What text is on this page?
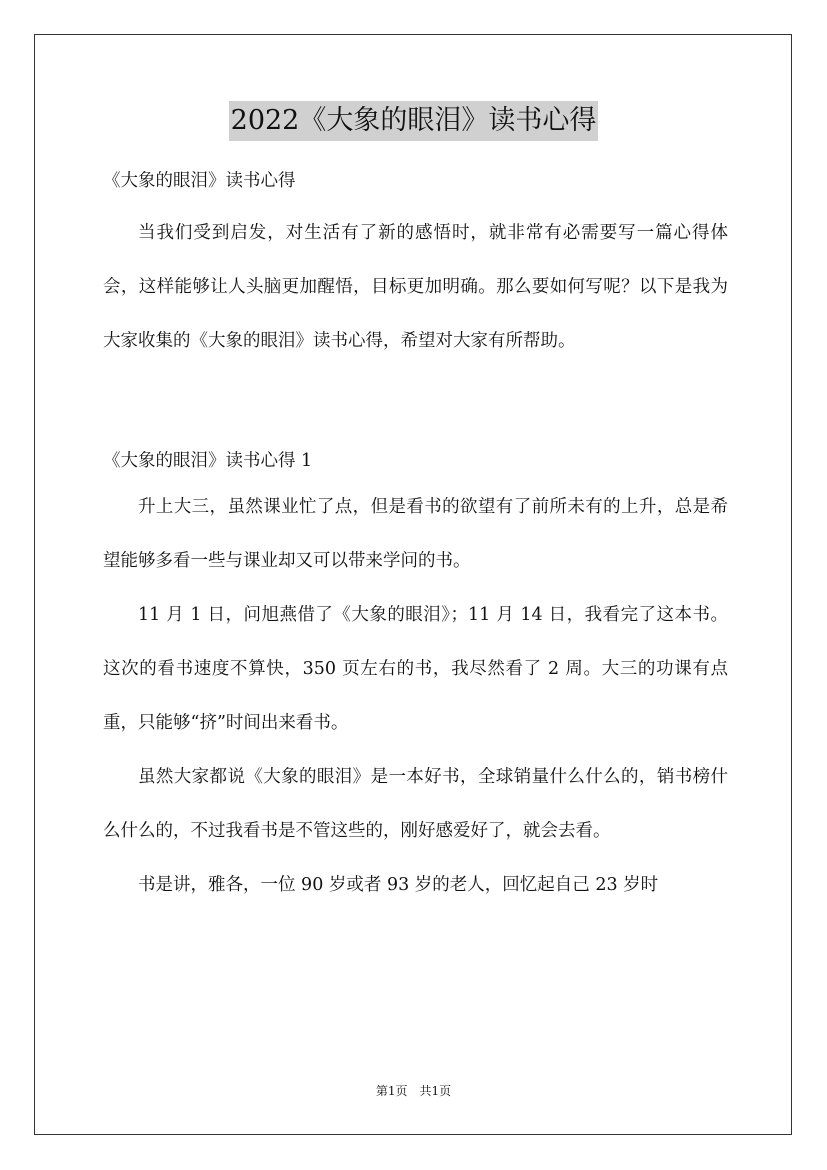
2022《大象的眼泪》读书心得

《大象的眼泪》读书心得

当我们受到启发，对生活有了新的感悟时，就非常有必需要写一篇心得体会，这样能够让人头脑更加醒悟，目标更加明确。那么要如何写呢？以下是我为大家收集的《大象的眼泪》读书心得，希望对大家有所帮助。

《大象的眼泪》读书心得 1

升上大三，虽然课业忙了点，但是看书的欲望有了前所未有的上升，总是希望能够多看一些与课业却又可以带来学问的书。

11 月 1 日，问旭燕借了《大象的眼泪》；11 月 14 日，我看完了这本书。这次的看书速度不算快，350 页左右的书，我尽然看了 2 周。大三的功课有点重，只能够“挤”时间出来看书。

虽然大家都说《大象的眼泪》是一本好书，全球销量什么什么的，销书榜什么什么的，不过我看书是不管这些的，刚好感爱好了，就会去看。

书是讲，雅各，一位 90 岁或者 93 岁的老人，回忆起自己 23 岁时

第1页　共1页
